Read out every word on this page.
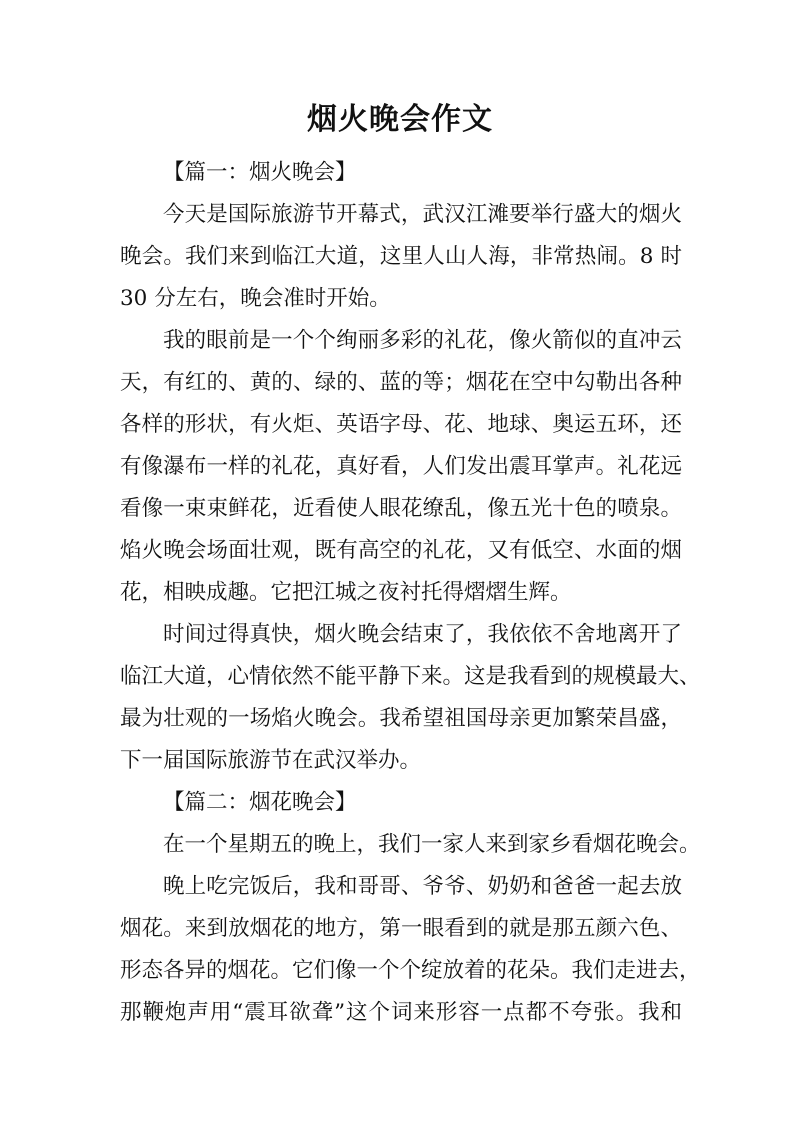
烟火晚会作文
【篇一：烟火晚会】
今天是国际旅游节开幕式，武汉江滩要举行盛大的烟火
晚会。我们来到临江大道，这里人山人海，非常热闹。8 时
30 分左右，晚会准时开始。
我的眼前是一个个绚丽多彩的礼花，像火箭似的直冲云
天，有红的、黄的、绿的、蓝的等；烟花在空中勾勒出各种
各样的形状，有火炬、英语字母、花、地球、奥运五环，还
有像瀑布一样的礼花，真好看，人们发出震耳掌声。礼花远
看像一束束鲜花，近看使人眼花缭乱，像五光十色的喷泉。
焰火晚会场面壮观，既有高空的礼花，又有低空、水面的烟
花，相映成趣。它把江城之夜衬托得熠熠生辉。
时间过得真快，烟火晚会结束了，我依依不舍地离开了
临江大道，心情依然不能平静下来。这是我看到的规模最大、
最为壮观的一场焰火晚会。我希望祖国母亲更加繁荣昌盛，
下一届国际旅游节在武汉举办。
【篇二：烟花晚会】
在一个星期五的晚上，我们一家人来到家乡看烟花晚会。
晚上吃完饭后，我和哥哥、爷爷、奶奶和爸爸一起去放
烟花。来到放烟花的地方，第一眼看到的就是那五颜六色、
形态各异的烟花。它们像一个个绽放着的花朵。我们走进去，
那鞭炮声用“震耳欲聋”这个词来形容一点都不夸张。我和
